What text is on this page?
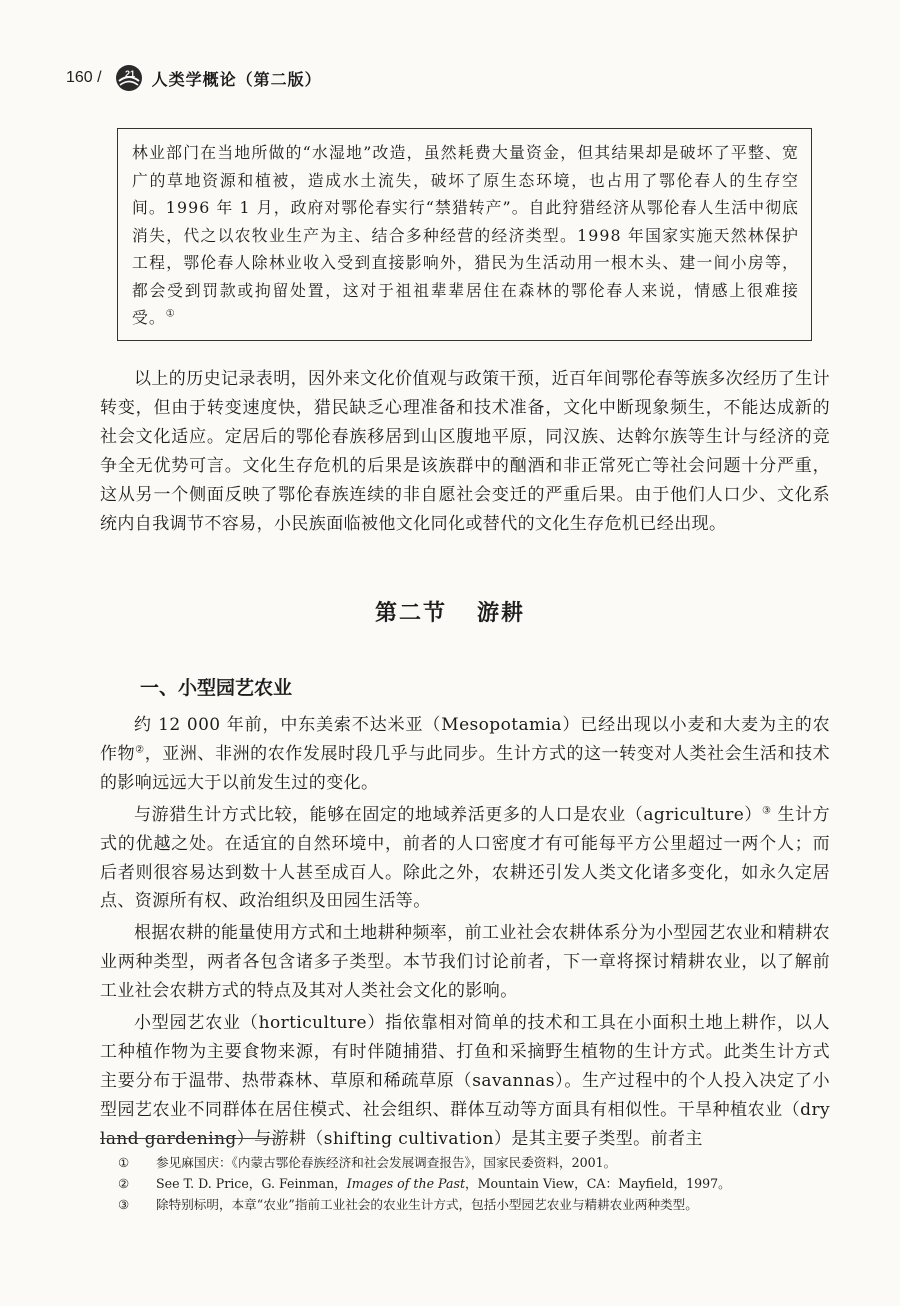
160 /	21 人类学概论（第二版）

林业部门在当地所做的“水湿地”改造，虽然耗费大量资金，但其结果却是破坏了平整、宽广的草地资源和植被，造成水土流失，破坏了原生态环境，也占用了鄂伦春人的生存空间。1996 年 1 月，政府对鄂伦春实行“禁猎转产”。自此狩猎经济从鄂伦春人生活中彻底消失，代之以农牧业生产为主、结合多种经营的经济类型。1998 年国家实施天然林保护工程，鄂伦春人除林业收入受到直接影响外，猎民为生活动用一根木头、建一间小房等，都会受到罚款或拘留处置，这对于祖祖辈辈居住在森林的鄂伦春人来说，情感上很难接受。①

以上的历史记录表明，因外来文化价值观与政策干预，近百年间鄂伦春等族多次经历了生计转变，但由于转变速度快，猎民缺乏心理准备和技术准备，文化中断现象频生，不能达成新的社会文化适应。定居后的鄂伦春族移居到山区腹地平原，同汉族、达斡尔族等生计与经济的竞争全无优势可言。文化生存危机的后果是该族群中的酗酒和非正常死亡等社会问题十分严重，这从另一个侧面反映了鄂伦春族连续的非自愿社会变迁的严重后果。由于他们人口少、文化系统内自我调节不容易，小民族面临被他文化同化或替代的文化生存危机已经出现。

第二节 游耕
一、小型园艺农业

约 12 000 年前，中东美索不达米亚（Mesopotamia）已经出现以小麦和大麦为主的农作物②，亚洲、非洲的农作发展时段几乎与此同步。生计方式的这一转变对人类社会生活和技术的影响远远大于以前发生过的变化。

与游猎生计方式比较，能够在固定的地域养活更多的人口是农业（agriculture）③ 生计方式的优越之处。在适宜的自然环境中，前者的人口密度才有可能每平方公里超过一两个人；而后者则很容易达到数十人甚至成百人。除此之外，农耕还引发人类文化诸多变化，如永久定居点、资源所有权、政治组织及田园生活等。

根据农耕的能量使用方式和土地耕种频率，前工业社会农耕体系分为小型园艺农业和精耕农业两种类型，两者各包含诸多子类型。本节我们讨论前者，下一章将探讨精耕农业，以了解前工业社会农耕方式的特点及其对人类社会文化的影响。

小型园艺农业（horticulture）指依靠相对简单的技术和工具在小面积土地上耕作，以人工种植作物为主要食物来源，有时伴随捕猎、打鱼和采摘野生植物的生计方式。此类生计方式主要分布于温带、热带森林、草原和稀疏草原（savannas）。生产过程中的个人投入决定了小型园艺农业不同群体在居住模式、社会组织、群体互动等方面具有相似性。干旱种植农业（dry land gardening）与游耕（shifting cultivation）是其主要子类型。前者主

①	参见麻国庆：《内蒙古鄂伦春族经济和社会发展调查报告》，国家民委资料，2001。

②	See T. D. Price，G. Feinman，Images of the Past，Mountain View，CA：Mayfield，1997。

③	除特别标明，本章“农业”指前工业社会的农业生计方式，包括小型园艺农业与精耕农业两种类型。
